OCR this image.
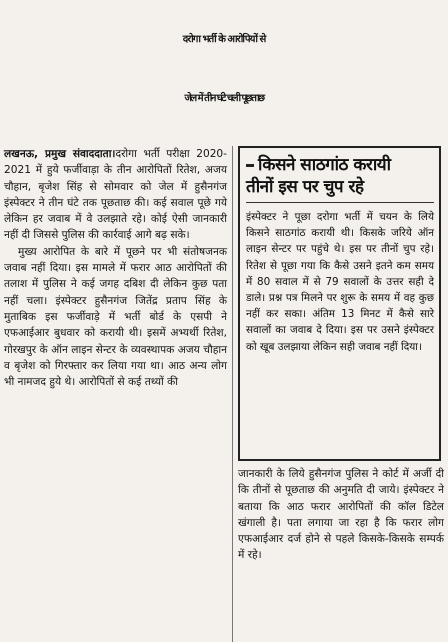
दरोगा भर्ती के आरोपियों से
जेल में तीन घंटे चली पूछताछ

लखनऊ, प्रमुख संवाददाता।दरोगा भर्ती परीक्षा 2020-2021 में हुये फर्जीवाड़ा के तीन आरोपितों रितेश, अजय चौहान, बृजेश सिंह से सोमवार को जेल में हुसैनगंज इंस्पेक्टर ने तीन घंटे तक पूछताछ की। कई सवाल पूछे गये लेकिन हर जवाब में वे उलझाते रहे। कोई ऐसी जानकारी नहीं दी जिससे पुलिस की कार्रवाई आगे बढ़ सके।

मुख्य आरोपित के बारे में पूछने पर भी संतोषजनक जवाब नहीं दिया। इस मामले में फरार आठ आरोपितों की तलाश में पुलिस ने कई जगह दबिश दी लेकिन कुछ पता नहीं चला। इंस्पेक्टर हुसैनगंज जितेंद्र प्रताप सिंह के मुताबिक इस फर्जीवाड़े में भर्ती बोर्ड के एसपी ने एफआईआर बुधवार को करायी थी। इसमें अभ्यर्थी रितेश, गोरखपुर के ऑन लाइन सेन्टर के व्यवस्थापक अजय चौहान व बृजेश को गिरफ्तार कर लिया गया था। आठ अन्य लोग भी नामजद हुये थे। आरोपितों से कई तथ्यों की

किसने साठगांठ करायी
तीनों इस पर चुप रहे
इंस्पेक्टर ने पूछा दरोगा भर्ती में चयन के लिये किसने साठगांठ करायी थी। किसके जरिये ऑन लाइन सेन्टर पर पहुंचे थे। इस पर तीनों चुप रहे। रितेश से पूछा गया कि कैसे उसने इतने कम समय में 80 सवाल में से 79 सवालों के उत्तर सही दे डाले। प्रश्न पत्र मिलने पर शुरू के समय में वह कुछ नहीं कर सका। अंतिम 13 मिनट में कैसे सारे सवालों का जवाब दे दिया। इस पर उसने इंस्पेक्टर को खूब उलझाया लेकिन सही जवाब नहीं दिया।

जानकारी के लिये हुसैनगंज पुलिस ने कोर्ट में अर्जी दी कि तीनों से पूछताछ की अनुमति दी जाये। इंस्पेक्टर ने बताया कि आठ फरार आरोपितों की कॉल डिटेल खंगाली है। पता लगाया जा रहा है कि फरार लोग एफआईआर दर्ज होने से पहले किसके-किसके सम्पर्क में रहे।
